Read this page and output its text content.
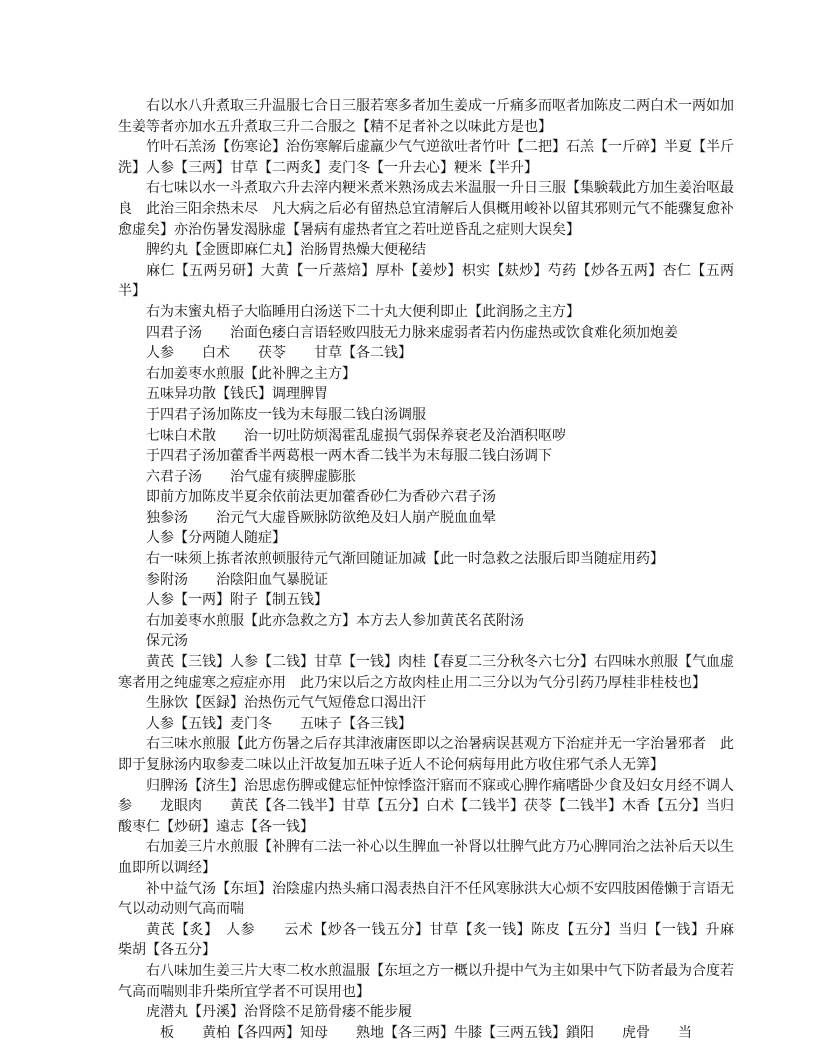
右以水八升煮取三升温服七合日三服若寒多者加生姜成一斤痛多而呕者加陈皮二两白术一两如加生姜等者亦加水五升煮取三升二合服之【精不足者补之以味此方是也】

竹叶石羔汤【伤寒论】治伤寒解后虚羸少气气逆欲吐者竹叶【二把】石羔【一斤碎】半夏【半斤洗】人参【三两】甘草【二两炙】麦门冬【一升去心】粳米【半升】

右七味以水一斗煮取六升去滓内粳米煮米熟汤成去米温服一升日三服【集験载此方加生姜治呕最良　此治三阳余热未尽　凡大病之后必有留热总宜清解后人俱概用峻补以留其邪则元气不能骤复愈补愈虚矣】亦治伤暑发渴脉虚【暑病有虚热者宜之若吐逆昏乱之症则大误矣】

脾约丸【金匮即麻仁丸】治肠胃热燥大便秘结

麻仁【五两另研】大黄【一斤蒸焙】厚朴【姜炒】枳实【麸炒】芍药【炒各五两】杏仁【五两半】

右为末蜜丸梧子大临睡用白汤送下二十丸大便利即止【此润肠之主方】

四君子汤　　治面色痿白言语轻败四肢无力脉来虚弱者若内伤虚热或饮食难化须加炮姜

人参　　白术　　茯苓　　甘草【各二钱】

右加姜枣水煎服【此补脾之主方】

五味异功散【钱氏】调理脾胃

于四君子汤加陈皮一钱为末每服二钱白汤调服

七味白术散　　治一切吐防烦渴霍乱虚损气弱保养衰老及治酒积呕哕

于四君子汤加藿香半两葛根一两木香二钱半为末每服二钱白汤调下

六君子汤　　治气虚有痰脾虚膨胀

即前方加陈皮半夏余依前法更加藿香砂仁为香砂六君子汤

独参汤　　治元气大虚昏厥脉防欲绝及妇人崩产脱血血晕

人参【分两随人随症】

右一味须上拣者浓煎顿服待元气渐回随证加减【此一时急救之法服后即当随症用药】

参附汤　　治陰阳血气暴脱证

人参【一两】附子【制五钱】

右加姜枣水煎服【此亦急救之方】本方去人参加黄芪名芪附汤

保元汤

黄芪【三钱】人参【二钱】甘草【一钱】肉桂【春夏二三分秋冬六七分】右四味水煎服【气血虚寒者用之纯虚寒之痘症亦用　此乃宋以后之方故肉桂止用二三分以为气分引药乃厚桂非桂枝也】

生脉饮【医録】治热伤元气气短倦怠口渴出汗

人参【五钱】麦门冬　　五味子【各三钱】

右三味水煎服【此方伤暑之后存其津液庸医即以之治暑病误甚观方下治症并无一字治暑邪者　此即于复脉汤内取参麦二味以止汗故复加五味子近人不论何病每用此方收住邪气杀人无筭】

归脾汤【济生】治思虑伤脾或健忘怔忡惊悸盗汗寤而不寐或心脾作痛嗜卧少食及妇女月经不调人参　　龙眼肉　　黄芪【各二钱半】甘草【五分】白术【二钱半】茯苓【二钱半】木香【五分】当归　　酸枣仁【炒研】遠志【各一钱】

右加姜三片水煎服【补脾有二法一补心以生脾血一补肾以壮脾气此方乃心脾同治之法补后天以生血即所以调经】

补中益气汤【东垣】治陰虚内热头痛口渴表热自汗不任风寒脉洪大心烦不安四肢困倦懒于言语无气以动动则气高而喘

黄芪【炙】　人参　　云术【炒各一钱五分】甘草【炙一钱】陈皮【五分】当归【一钱】升麻　　柴胡【各五分】

右八味加生姜三片大枣二枚水煎温服【东垣之方一概以升提中气为主如果中气下防者最为合度若气高而喘则非升柴所宜学者不可误用也】

虎潜丸【丹溪】治肾陰不足筋骨痿不能步履

　板　　黄柏【各四两】知母　　熟地【各三两】牛膝【三两五钱】鎖阳　　虎骨　　当
